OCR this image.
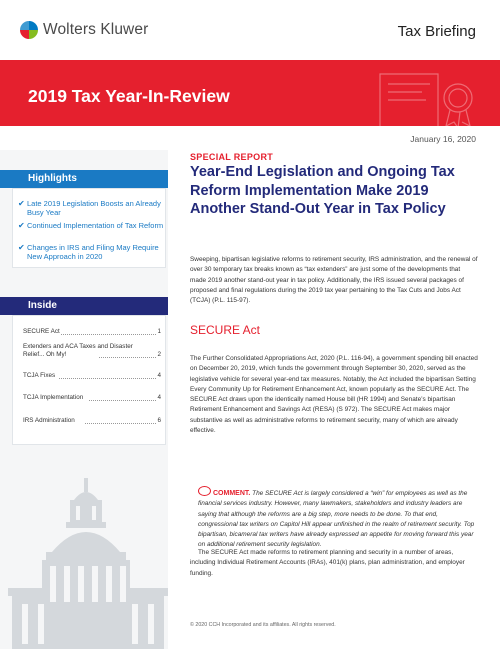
Wolters Kluwer	Tax Briefing
2019 Tax Year-In-Review
January 16, 2020
Highlights
✔ Late 2019 Legislation Boosts an Already Busy Year
✔ Continued Implementation of Tax Reform
✔ Changes in IRS and Filing May Require New Approach in 2020
Inside
SECURE Act	1
Extenders and ACA Taxes and Disaster Relief... Oh My!	2
TCJA Fixes	4
TCJA Implementation	4
IRS Administration	6
SPECIAL REPORT
Year-End Legislation and Ongoing Tax Reform Implementation Make 2019 Another Stand-Out Year in Tax Policy
Sweeping, bipartisan legislative reforms to retirement security, IRS administration, and the renewal of over 30 temporary tax breaks known as “tax extenders” are just some of the developments that made 2019 another stand-out year in tax policy. Additionally, the IRS issued several packages of proposed and final regulations during the 2019 tax year pertaining to the Tax Cuts and Jobs Act (TCJA) (P.L. 115-97).
SECURE Act
The Further Consolidated Appropriations Act, 2020 (P.L. 116-94), a government spending bill enacted on December 20, 2019, which funds the government through September 30, 2020, served as the legislative vehicle for several year-end tax measures. Notably, the Act included the bipartisan Setting Every Community Up for Retirement Enhancement Act, known popularly as the SECURE Act. The SECURE Act draws upon the identically named House bill (HR 1994) and Senate’s bipartisan Retirement Enhancement and Savings Act (RESA) (S 972). The SECURE Act makes major substantive as well as administrative reforms to retirement security, many of which are already effective.
COMMENT. The SECURE Act is largely considered a “win” for employees as well as the financial services industry. However, many lawmakers, stakeholders and industry leaders are saying that although the reforms are a big step, more needs to be done. To that end, congressional tax writers on Capitol Hill appear unfinished in the realm of retirement security. Top bipartisan, bicameral tax writers have already expressed an appetite for moving forward this year on additional retirement security legislation.
The SECURE Act made reforms to retirement planning and security in a number of areas, including Individual Retirement Accounts (IRAs), 401(k) plans, plan administration, and employer funding.
© 2020 CCH Incorporated and its affiliates. All rights reserved.
